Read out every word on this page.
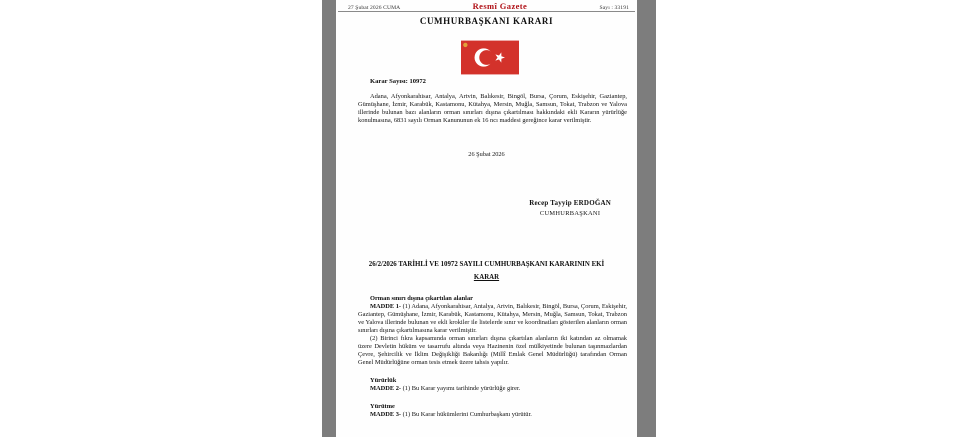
27 Şubat 2026 CUMA	Resmî Gazete	Sayı : 33191
CUMHURBAŞKANI KARARI
Karar Sayısı: 10972

Adana, Afyonkarahisar, Antalya, Artvin, Balıkesir, Bingöl, Bursa, Çorum, Eskişehir, Gaziantep, Gümüşhane, İzmir, Karabük, Kastamonu, Kütahya, Mersin, Muğla, Samsun, Tokat, Trabzon ve Yalova illerinde bulunan bazı alanların orman sınırları dışına çıkartılması hakkındaki ekli Kararın yürürlüğe konulmasına, 6831 sayılı Orman Kanununun ek 16 ncı maddesi gereğince karar verilmiştir.

26 Şubat 2026
Recep Tayyip ERDOĞAN
CUMHURBAŞKANI
26/2/2026 TARİHLİ VE 10972 SAYILI CUMHURBAŞKANI KARARININ EKİ
KARAR
Orman sınırı dışına çıkartılan alanlar

MADDE 1- (1) Adana, Afyonkarahisar, Antalya, Artvin, Balıkesir, Bingöl, Bursa, Çorum, Eskişehir, Gaziantep, Gümüşhane, İzmir, Karabük, Kastamonu, Kütahya, Mersin, Muğla, Samsun, Tokat, Trabzon ve Yalova illerinde bulunan ve ekli krokiler ile listelerde sınır ve koordinatları gösterilen alanların orman sınırları dışına çıkartılmasına karar verilmiştir.

(2) Birinci fıkra kapsamında orman sınırları dışına çıkartılan alanların iki katından az olmamak üzere Devletin hüküm ve tasarrufu altında veya Hazinenin özel mülkiyetinde bulunan taşınmazlardan Çevre, Şehircilik ve İklim Değişikliği Bakanlığı (Millî Emlak Genel Müdürlüğü) tarafından Orman Genel Müdürlüğüne orman tesis etmek üzere tahsis yapılır.

Yürürlük

MADDE 2- (1) Bu Karar yayımı tarihinde yürürlüğe girer.

Yürütme

MADDE 3- (1) Bu Karar hükümlerini Cumhurbaşkanı yürütür.
